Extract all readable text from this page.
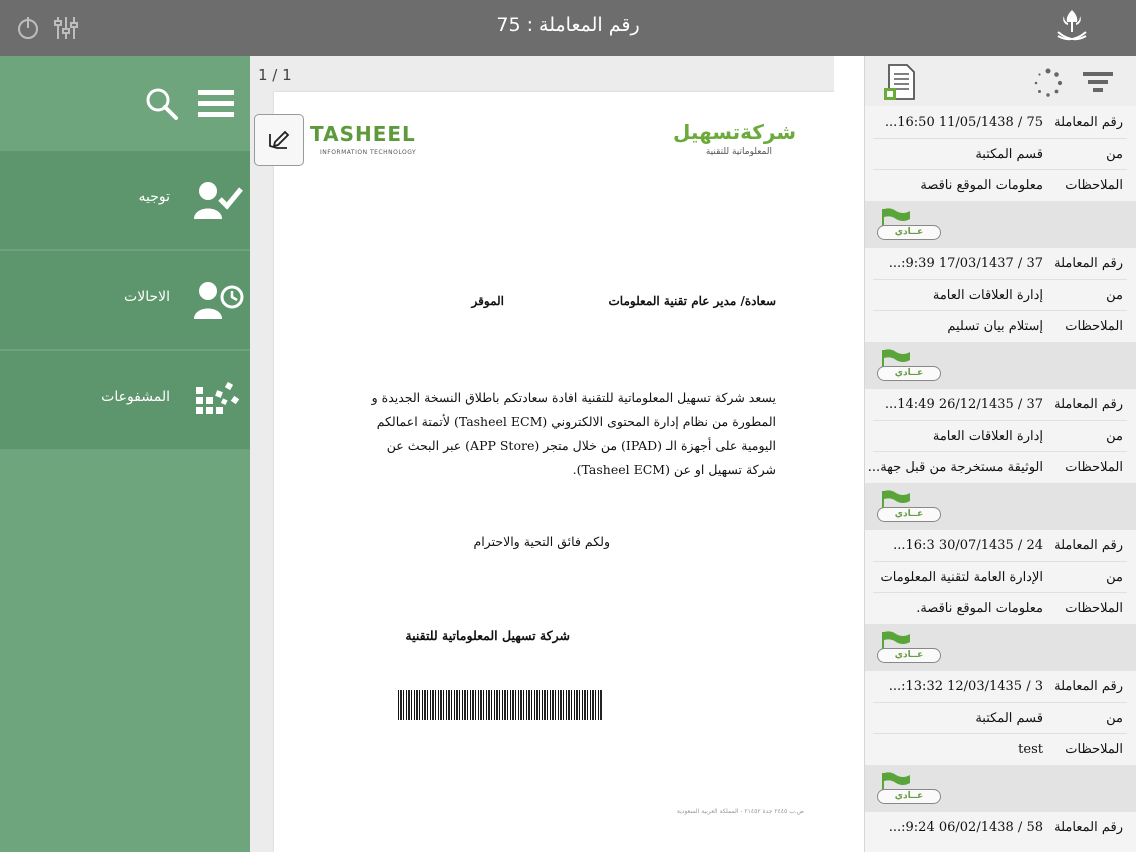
رقم المعاملة : 75
توجيه
الاحالات
المشفوعات
1 / 1
TASHEEL
INFORMATION TECHNOLOGY
شركةتسهيل
المعلوماتية للتقنية
سعادة/ مدير عام تقنية المعلومات
الموقر
يسعد شركة تسهيل المعلوماتية للتقنية افادة سعادتكم باطلاق النسخة الجديدة و المطورة من نظام إدارة المحتوى الالكتروني (Tasheel ECM) لأتمتة اعمالكم اليومية على أجهزة الـ (IPAD) من خلال متجر (APP Store) عبر البحث عن شركة تسهيل او عن (Tasheel ECM).
ولكم فائق التحية والاحترام
شركة تسهيل المعلوماتية للتقنية
ص.ب ٢٤٤٥ جدة ٢١٤٥٢ - المملكة العربية السعودية
رقم المعاملة
75 / 11/05/1438 16:50...
من
قسم المكتبة
الملاحظات
معلومات الموقع ناقصة
عــادي
رقم المعاملة
37 / 17/03/1437 9:39:...
من
إدارة العلاقات العامة
الملاحظات
إستلام بيان تسليم
عــادي
رقم المعاملة
37 / 26/12/1435 14:49...
من
إدارة العلاقات العامة
الملاحظات
الوثيقة مستخرجة من قبل جهة...
عــادي
رقم المعاملة
24 / 30/07/1435 16:3...
من
الإدارة العامة لتقنية المعلومات
الملاحظات
معلومات الموقع ناقصة.
عــادي
رقم المعاملة
3 / 12/03/1435 13:32:...
من
قسم المكتبة
الملاحظات
test
عــادي
رقم المعاملة
58 / 06/02/1438 9:24:...
